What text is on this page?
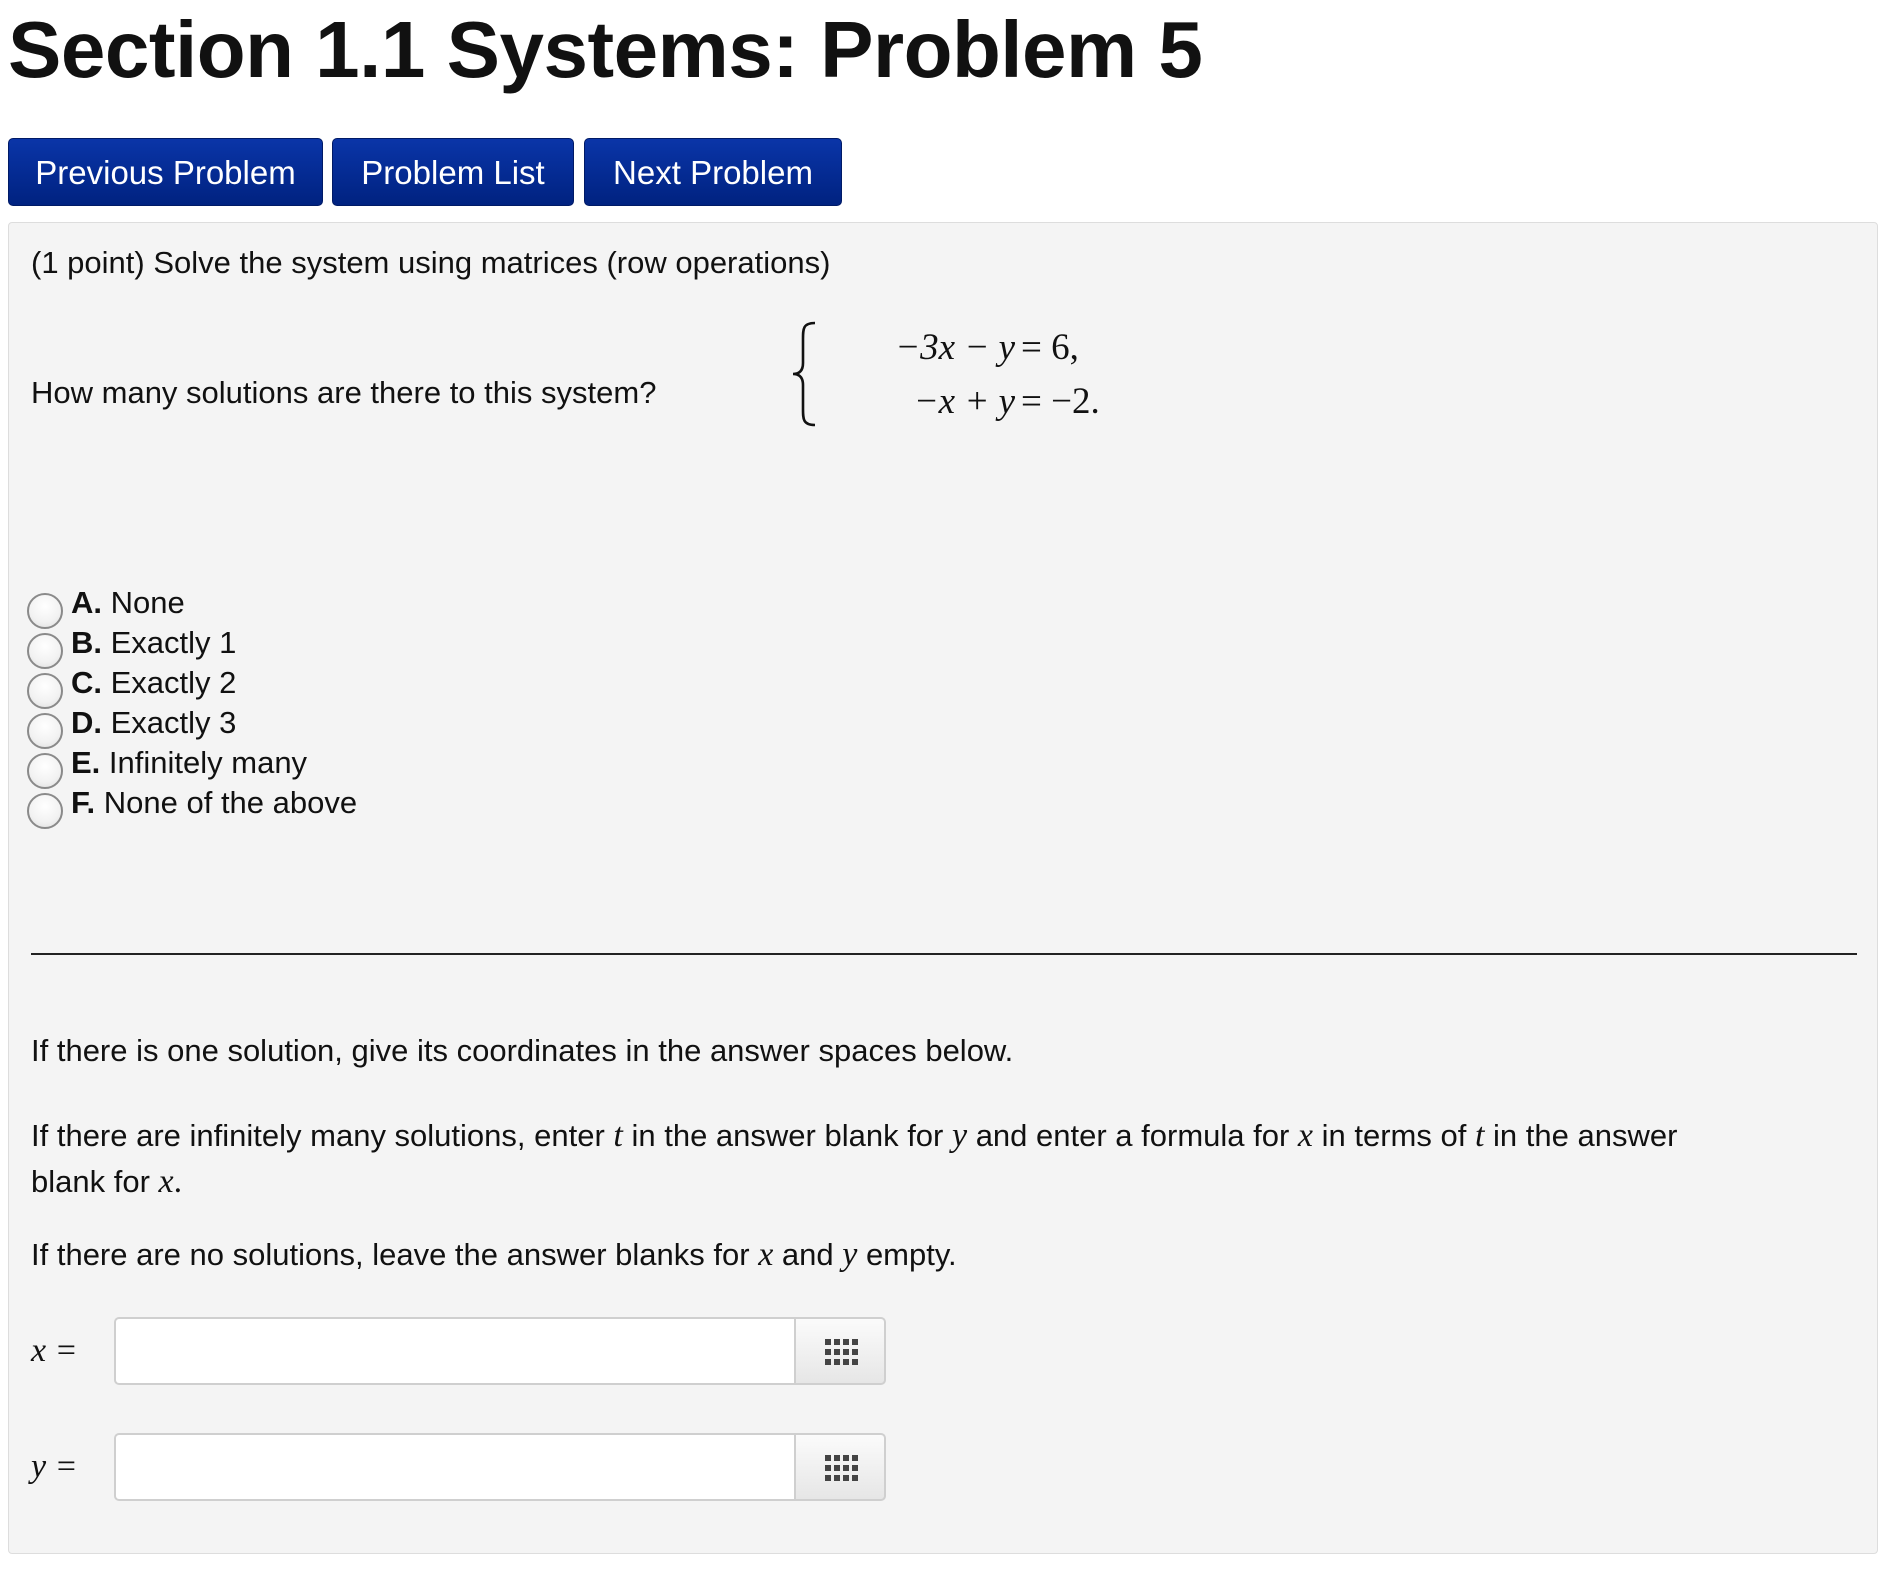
Section 1.1 Systems: Problem 5
Previous Problem	Problem List	Next Problem

(1 point) Solve the system using matrices (row operations)

−3x − y = 6,
−x + y = −2.

How many solutions are there to this system?

A. None
B. Exactly 1
C. Exactly 2
D. Exactly 3
E. Infinitely many
F. None of the above

If there is one solution, give its coordinates in the answer spaces below.

If there are infinitely many solutions, enter t in the answer blank for y and enter a formula for x in terms of t in the answer
blank for x.

If there are no solutions, leave the answer blanks for x and y empty.

x =
y =
